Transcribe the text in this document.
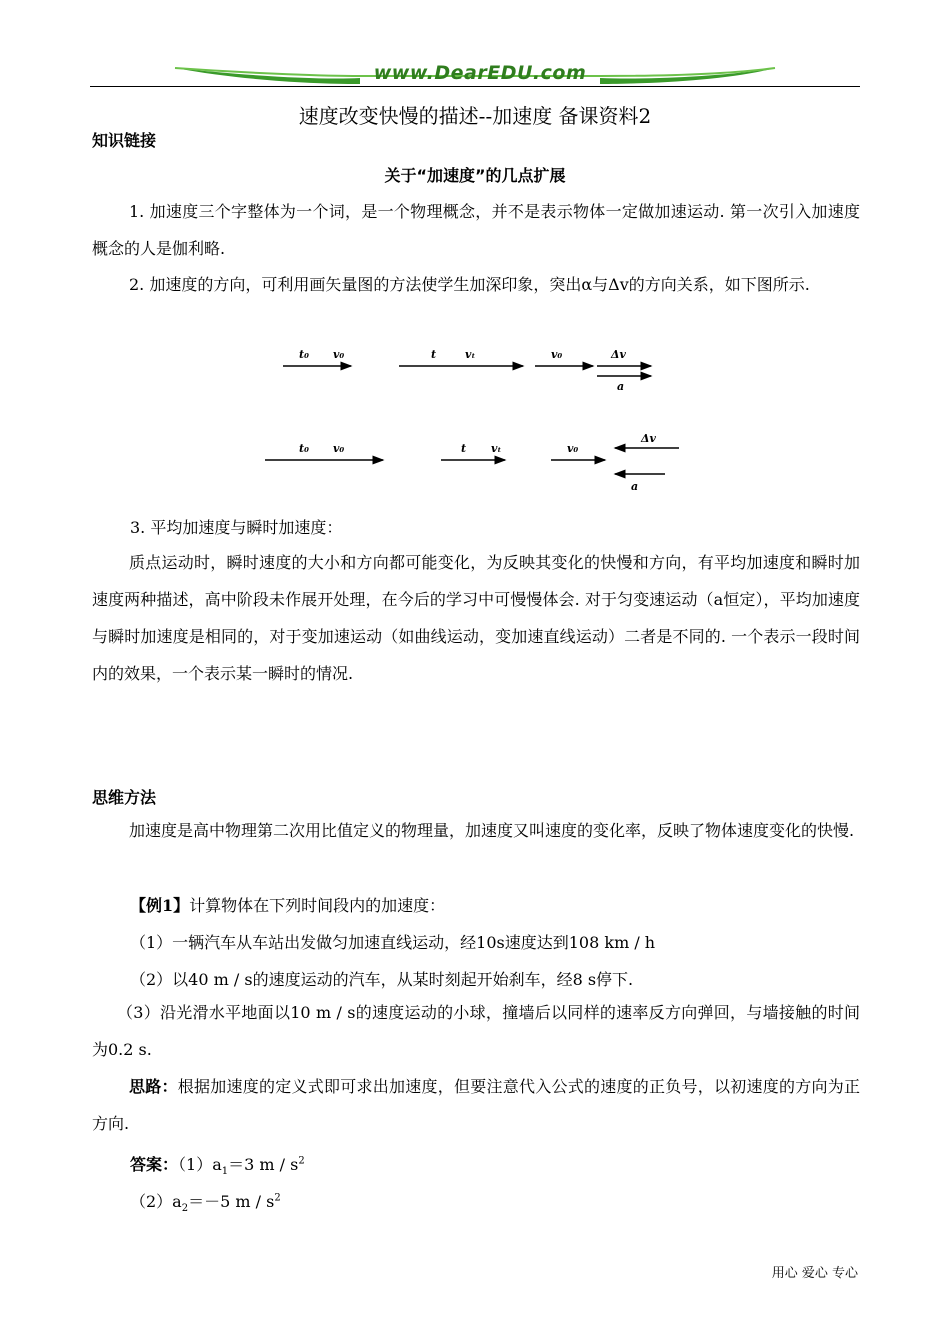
www.DearEDU.com
速度改变快慢的描述--加速度 备课资料2
知识链接
关于“加速度”的几点扩展
1. 加速度三个字整体为一个词，是一个物理概念，并不是表示物体一定做加速运动. 第一次引入加速度概念的人是伽利略.
2. 加速度的方向，可利用画矢量图的方法使学生加深印象，突出α与Δv的方向关系，如下图所示.
t₀ v₀	t	vₜ	v₀	Δv
a
t₀ v₀	t vₜ	v₀
Δv
a
3. 平均加速度与瞬时加速度：
质点运动时，瞬时速度的大小和方向都可能变化，为反映其变化的快慢和方向，有平均加速度和瞬时加速度两种描述，高中阶段未作展开处理，在今后的学习中可慢慢体会. 对于匀变速运动（a恒定），平均加速度与瞬时加速度是相同的，对于变加速运动（如曲线运动，变加速直线运动）二者是不同的. 一个表示一段时间内的效果，一个表示某一瞬时的情况.
思维方法
加速度是高中物理第二次用比值定义的物理量，加速度又叫速度的变化率，反映了物体速度变化的快慢.
【例1】计算物体在下列时间段内的加速度：
（1）一辆汽车从车站出发做匀加速直线运动，经10s速度达到108 km / h
（2）以40 m / s的速度运动的汽车，从某时刻起开始刹车，经8 s停下.
（3）沿光滑水平地面以10 m / s的速度运动的小球，撞墙后以同样的速率反方向弹回，与墙接触的时间为0.2 s.
思路：根据加速度的定义式即可求出加速度，但要注意代入公式的速度的正负号，以初速度的方向为正方向.
答案：$(1)a_1=3$ m / $s^2$
$(2)a_2=-5$ m / $s^2$
用心 爱心 专心
